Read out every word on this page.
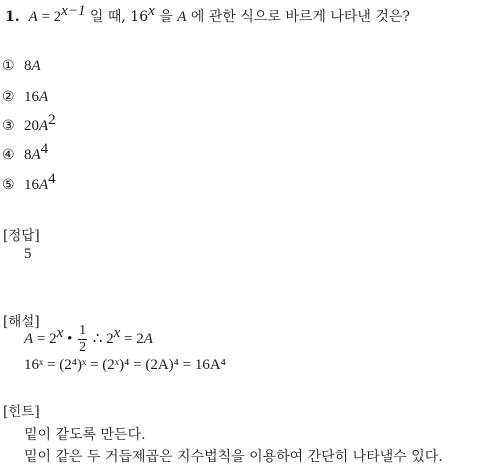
1. $A = 2^{x-1}$ 일 때, 16$^x$ 을 A 에 관한 식으로 바르게 나타낸 것은?
① 8A
② 16A
③ $20A^2$
④ $8A^4$
⑤ $16A^4$
[정답]
5
[해설]
$A = 2^x$ • $\frac{1}{2}$ ∴ $2^x = 2A$
16ˣ = (2⁴)ˣ = (2ˣ)⁴ = (2A)⁴ = 16A⁴
[힌트]
밑이 같도록 만든다.
밑이 같은 두 거듭제곱은 지수법칙을 이용하여 간단히 나타낼수 있다.
